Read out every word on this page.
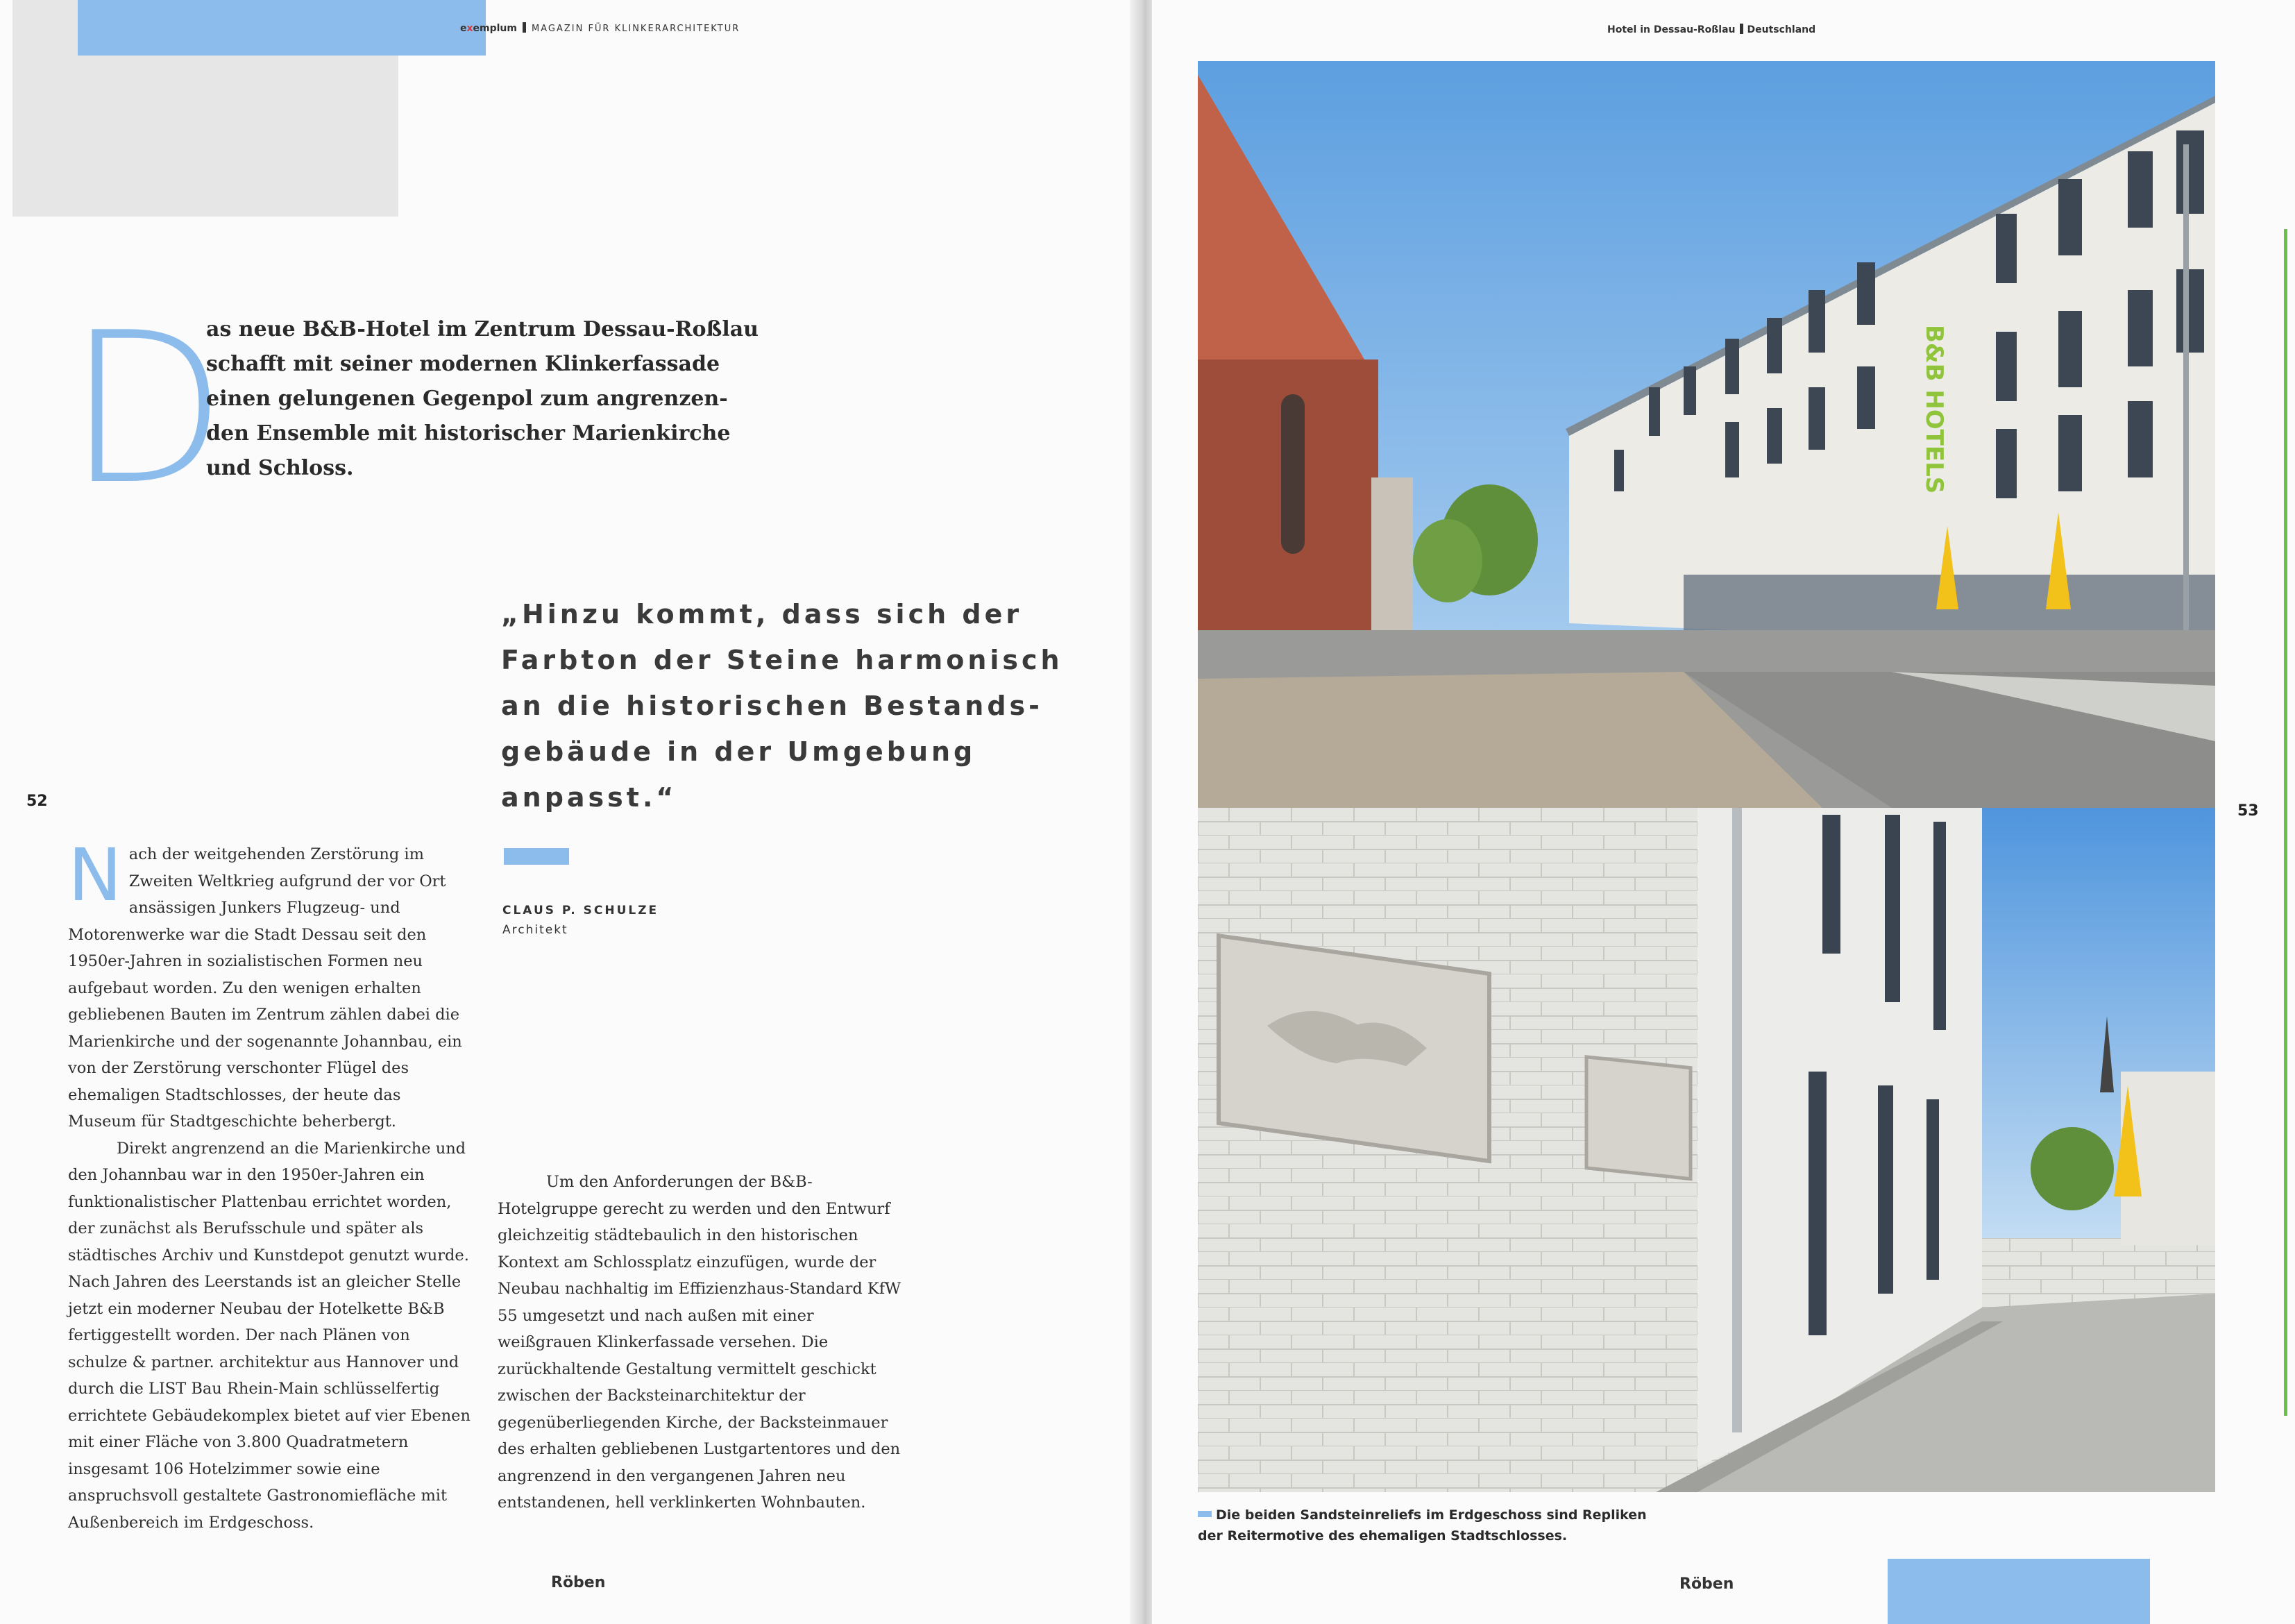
exemplum MAGAZIN FÜR KLINKERARCHITEKTUR
D
as neue B&B-Hotel im Zentrum Dessau-Roßlau
schafft mit seiner modernen Klinkerfassade
einen gelungenen Gegenpol zum angrenzen-
den Ensemble mit historischer Marienkirche
und Schloss.
„Hinzu kommt, dass sich der
Farbton der Steine harmonisch
an die historischen Bestands-
gebäude in der Umgebung
anpasst.“
CLAUS P. SCHULZE
Architekt
52

Nach der weitgehenden Zerstörung im Zweiten Weltkrieg aufgrund der vor Ort ansässigen Junkers Flugzeug- und Motorenwerke war die Stadt Dessau seit den 1950er-Jahren in sozialistischen Formen neu aufgebaut worden. Zu den wenigen erhalten gebliebenen Bauten im Zentrum zählen dabei die Marienkirche und der sogenannte Johannbau, ein von der Zerstörung verschonter Flügel des ehemaligen Stadtschlosses, der heute das Museum für Stadtgeschichte beherbergt.

Direkt angrenzend an die Marienkirche und den Johannbau war in den 1950er-Jahren ein funktionalistischer Plattenbau errichtet worden, der zunächst als Berufsschule und später als städtisches Archiv und Kunstdepot genutzt wurde. Nach Jahren des Leerstands ist an gleicher Stelle jetzt ein moderner Neubau der Hotelkette B&B fertiggestellt worden. Der nach Plänen von schulze & partner. architektur aus Hannover und durch die LIST Bau Rhein-Main schlüsselfertig errichtete Gebäudekomplex bietet auf vier Ebenen mit einer Fläche von 3.800 Quadratmetern insgesamt 106 Hotelzimmer sowie eine anspruchsvoll gestaltete Gastronomiefläche mit Außenbereich im Erdgeschoss.

Um den Anforderungen der B&B-Hotelgruppe gerecht zu werden und den Entwurf gleichzeitig städtebaulich in den historischen Kontext am Schlossplatz einzufügen, wurde der Neubau nachhaltig im Effizienzhaus-Standard KfW 55 umgesetzt und nach außen mit einer weißgrauen Klinkerfassade versehen. Die zurückhaltende Gestaltung vermittelt geschickt zwischen der Backsteinarchitektur der gegenüberliegenden Kirche, der Backsteinmauer des erhalten gebliebenen Lustgartentores und den angrenzend in den vergangenen Jahren neu entstandenen, hell verklinkerten Wohnbauten.

Röben
Hotel in Dessau-Roßlau Deutschland
B&B HOTELS
53
Die beiden Sandsteinreliefs im Erdgeschoss sind Repliken
der Reitermotive des ehemaligen Stadtschlosses.
Röben
